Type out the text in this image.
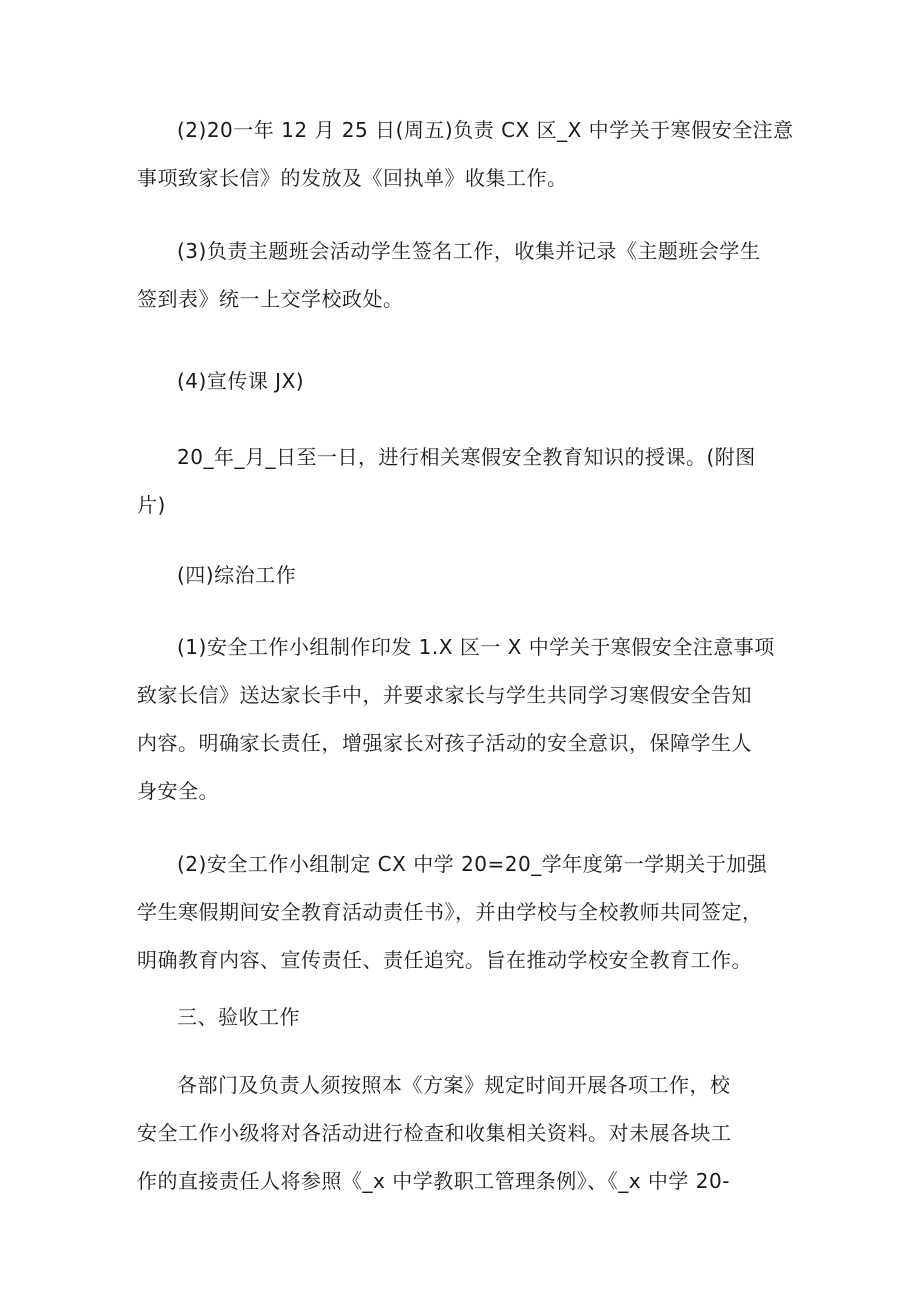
(2)20一年 12 月 25 日(周五)负责 CX 区_X 中学关于寒假安全注意
事项致家长信》的发放及《回执单》收集工作。
(3)负责主题班会活动学生签名工作，收集并记录《主题班会学生
签到表》统一上交学校政处。
(4)宣传课 JX)
20_年_月_日至一日，进行相关寒假安全教育知识的授课。(附图
片)
(四)综治工作
(1)安全工作小组制作印发 1.X 区一 X 中学关于寒假安全注意事项
致家长信》送达家长手中，并要求家长与学生共同学习寒假安全告知
内容。明确家长责任，增强家长对孩子活动的安全意识，保障学生人
身安全。
(2)安全工作小组制定 CX 中学 20=20_学年度第一学期关于加强
学生寒假期间安全教育活动责任书》，并由学校与全校教师共同签定，
明确教育内容、宣传责任、责任追究。旨在推动学校安全教育工作。
三、验收工作
各部门及负责人须按照本《方案》规定时间开展各项工作，校
安全工作小级将对各活动进行检查和收集相关资料。对未展各块工
作的直接责任人将参照《_x 中学教职工管理条例》、《_x 中学 20-
